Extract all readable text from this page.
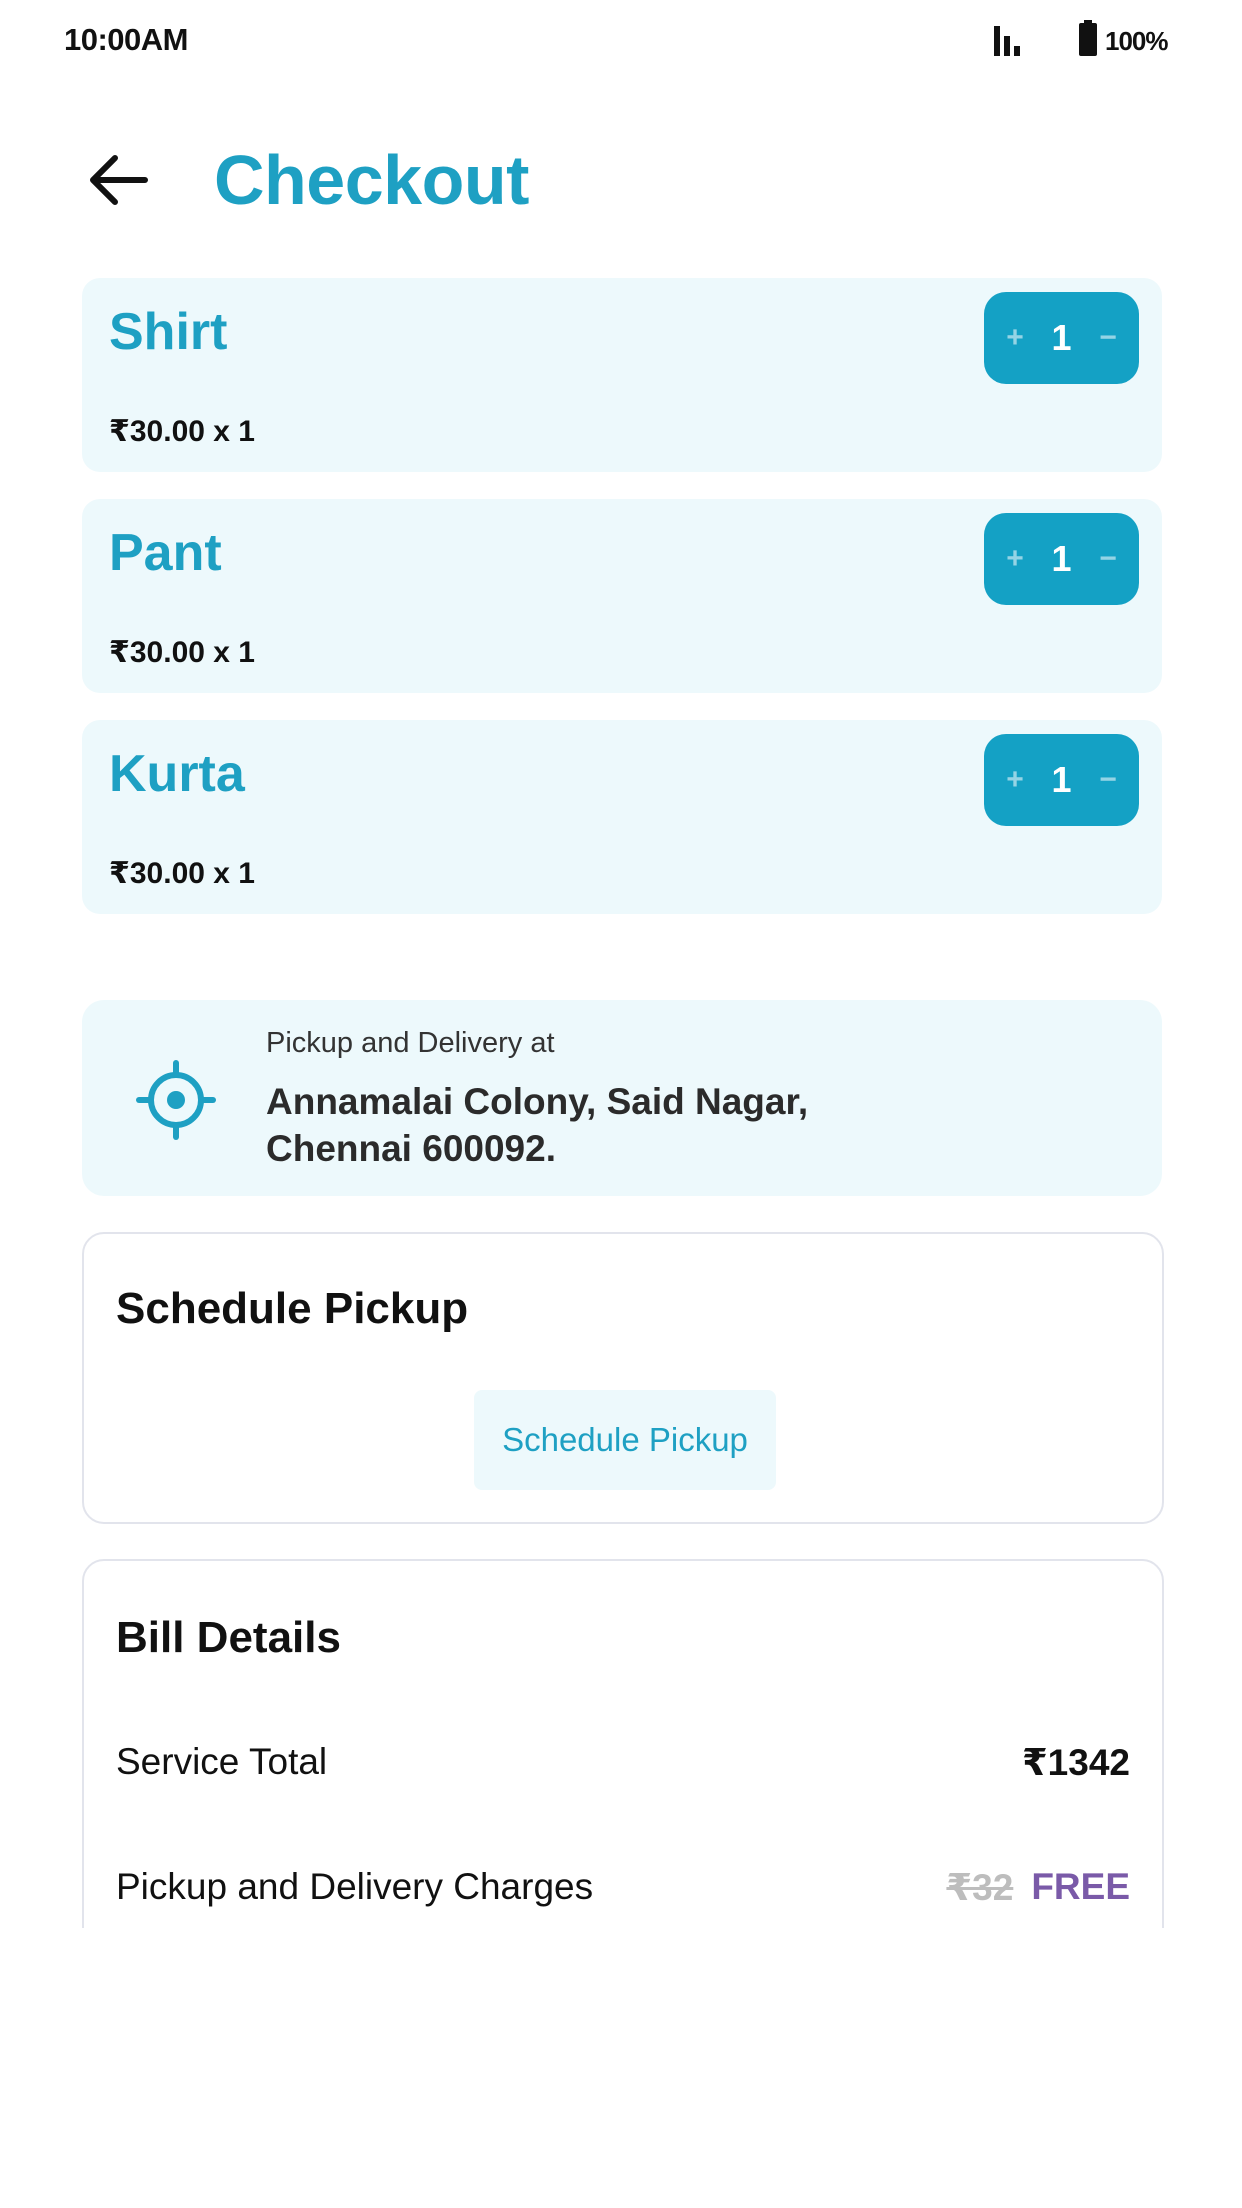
10:00AM	100%
Checkout
Shirt
₹30.00 x 1
+ 1 −
Pant
₹30.00 x 1
+ 1 −
Kurta
₹30.00 x 1
+ 1 −
Pickup and Delivery at
Annamalai Colony, Said Nagar,
Chennai 600092.
Schedule Pickup
Schedule Pickup
Bill Details
Service Total	₹1342
Pickup and Delivery Charges	₹32 FREE
